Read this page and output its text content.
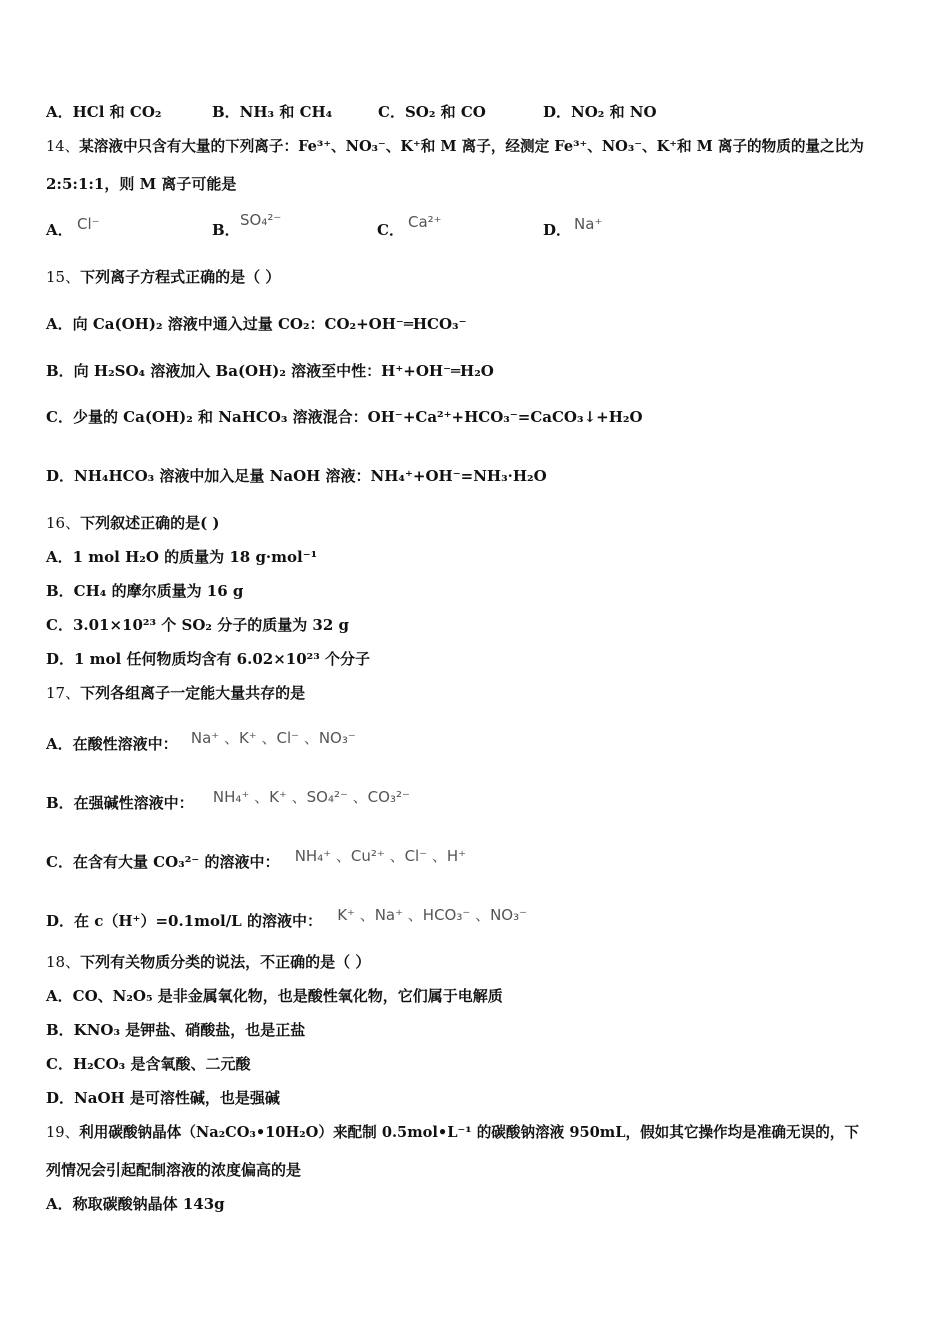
A．HCl 和 CO₂	B．NH₃ 和 CH₄	C．SO₂ 和 CO	D．NO₂ 和 NO
14、某溶液中只含有大量的下列离子：Fe³⁺、NO₃⁻、K⁺和 M 离子，经测定 Fe³⁺、NO₃⁻、K⁺和 M 离子的物质的量之比为
2:5:1:1，则 M 离子可能是
A． Cl⁻	B．
SO₄²⁻
C． Ca²⁺	D． Na⁺
15、下列离子方程式正确的是（ ）
A．向 Ca(OH)₂ 溶液中通入过量 CO₂：CO₂+OH⁻═HCO₃⁻
B．向 H₂SO₄ 溶液加入 Ba(OH)₂ 溶液至中性：H⁺+OH⁻═H₂O
C．少量的 Ca(OH)₂ 和 NaHCO₃ 溶液混合：OH⁻+Ca²⁺+HCO₃⁻=CaCO₃↓+H₂O
D．NH₄HCO₃ 溶液中加入足量 NaOH 溶液：NH₄⁺+OH⁻=NH₃·H₂O
16、下列叙述正确的是( )
A．1 mol H₂O 的质量为 18 g·mol⁻¹
B．CH₄ 的摩尔质量为 16 g
C．3.01×10²³ 个 SO₂ 分子的质量为 32 g
D．1 mol 任何物质均含有 6.02×10²³ 个分子
17、下列各组离子一定能大量共存的是
A．在酸性溶液中： Na⁺ 、K⁺ 、Cl⁻ 、NO₃⁻
B．在强碱性溶液中： NH₄⁺ 、K⁺ 、SO₄²⁻ 、CO₃²⁻
C．在含有大量 CO₃²⁻ 的溶液中： NH₄⁺ 、Cu²⁺ 、Cl⁻ 、H⁺
D．在 c（H⁺）=0.1mol/L 的溶液中： K⁺ 、Na⁺ 、HCO₃⁻ 、NO₃⁻
18、下列有关物质分类的说法，不正确的是（ ）
A．CO、N₂O₅ 是非金属氧化物，也是酸性氧化物，它们属于电解质
B．KNO₃ 是钾盐、硝酸盐，也是正盐
C．H₂CO₃ 是含氧酸、二元酸
D．NaOH 是可溶性碱，也是强碱
19、利用碳酸钠晶体（Na₂CO₃•10H₂O）来配制 0.5mol•L⁻¹ 的碳酸钠溶液 950mL，假如其它操作均是准确无误的，下
列情况会引起配制溶液的浓度偏高的是
A．称取碳酸钠晶体 143g
